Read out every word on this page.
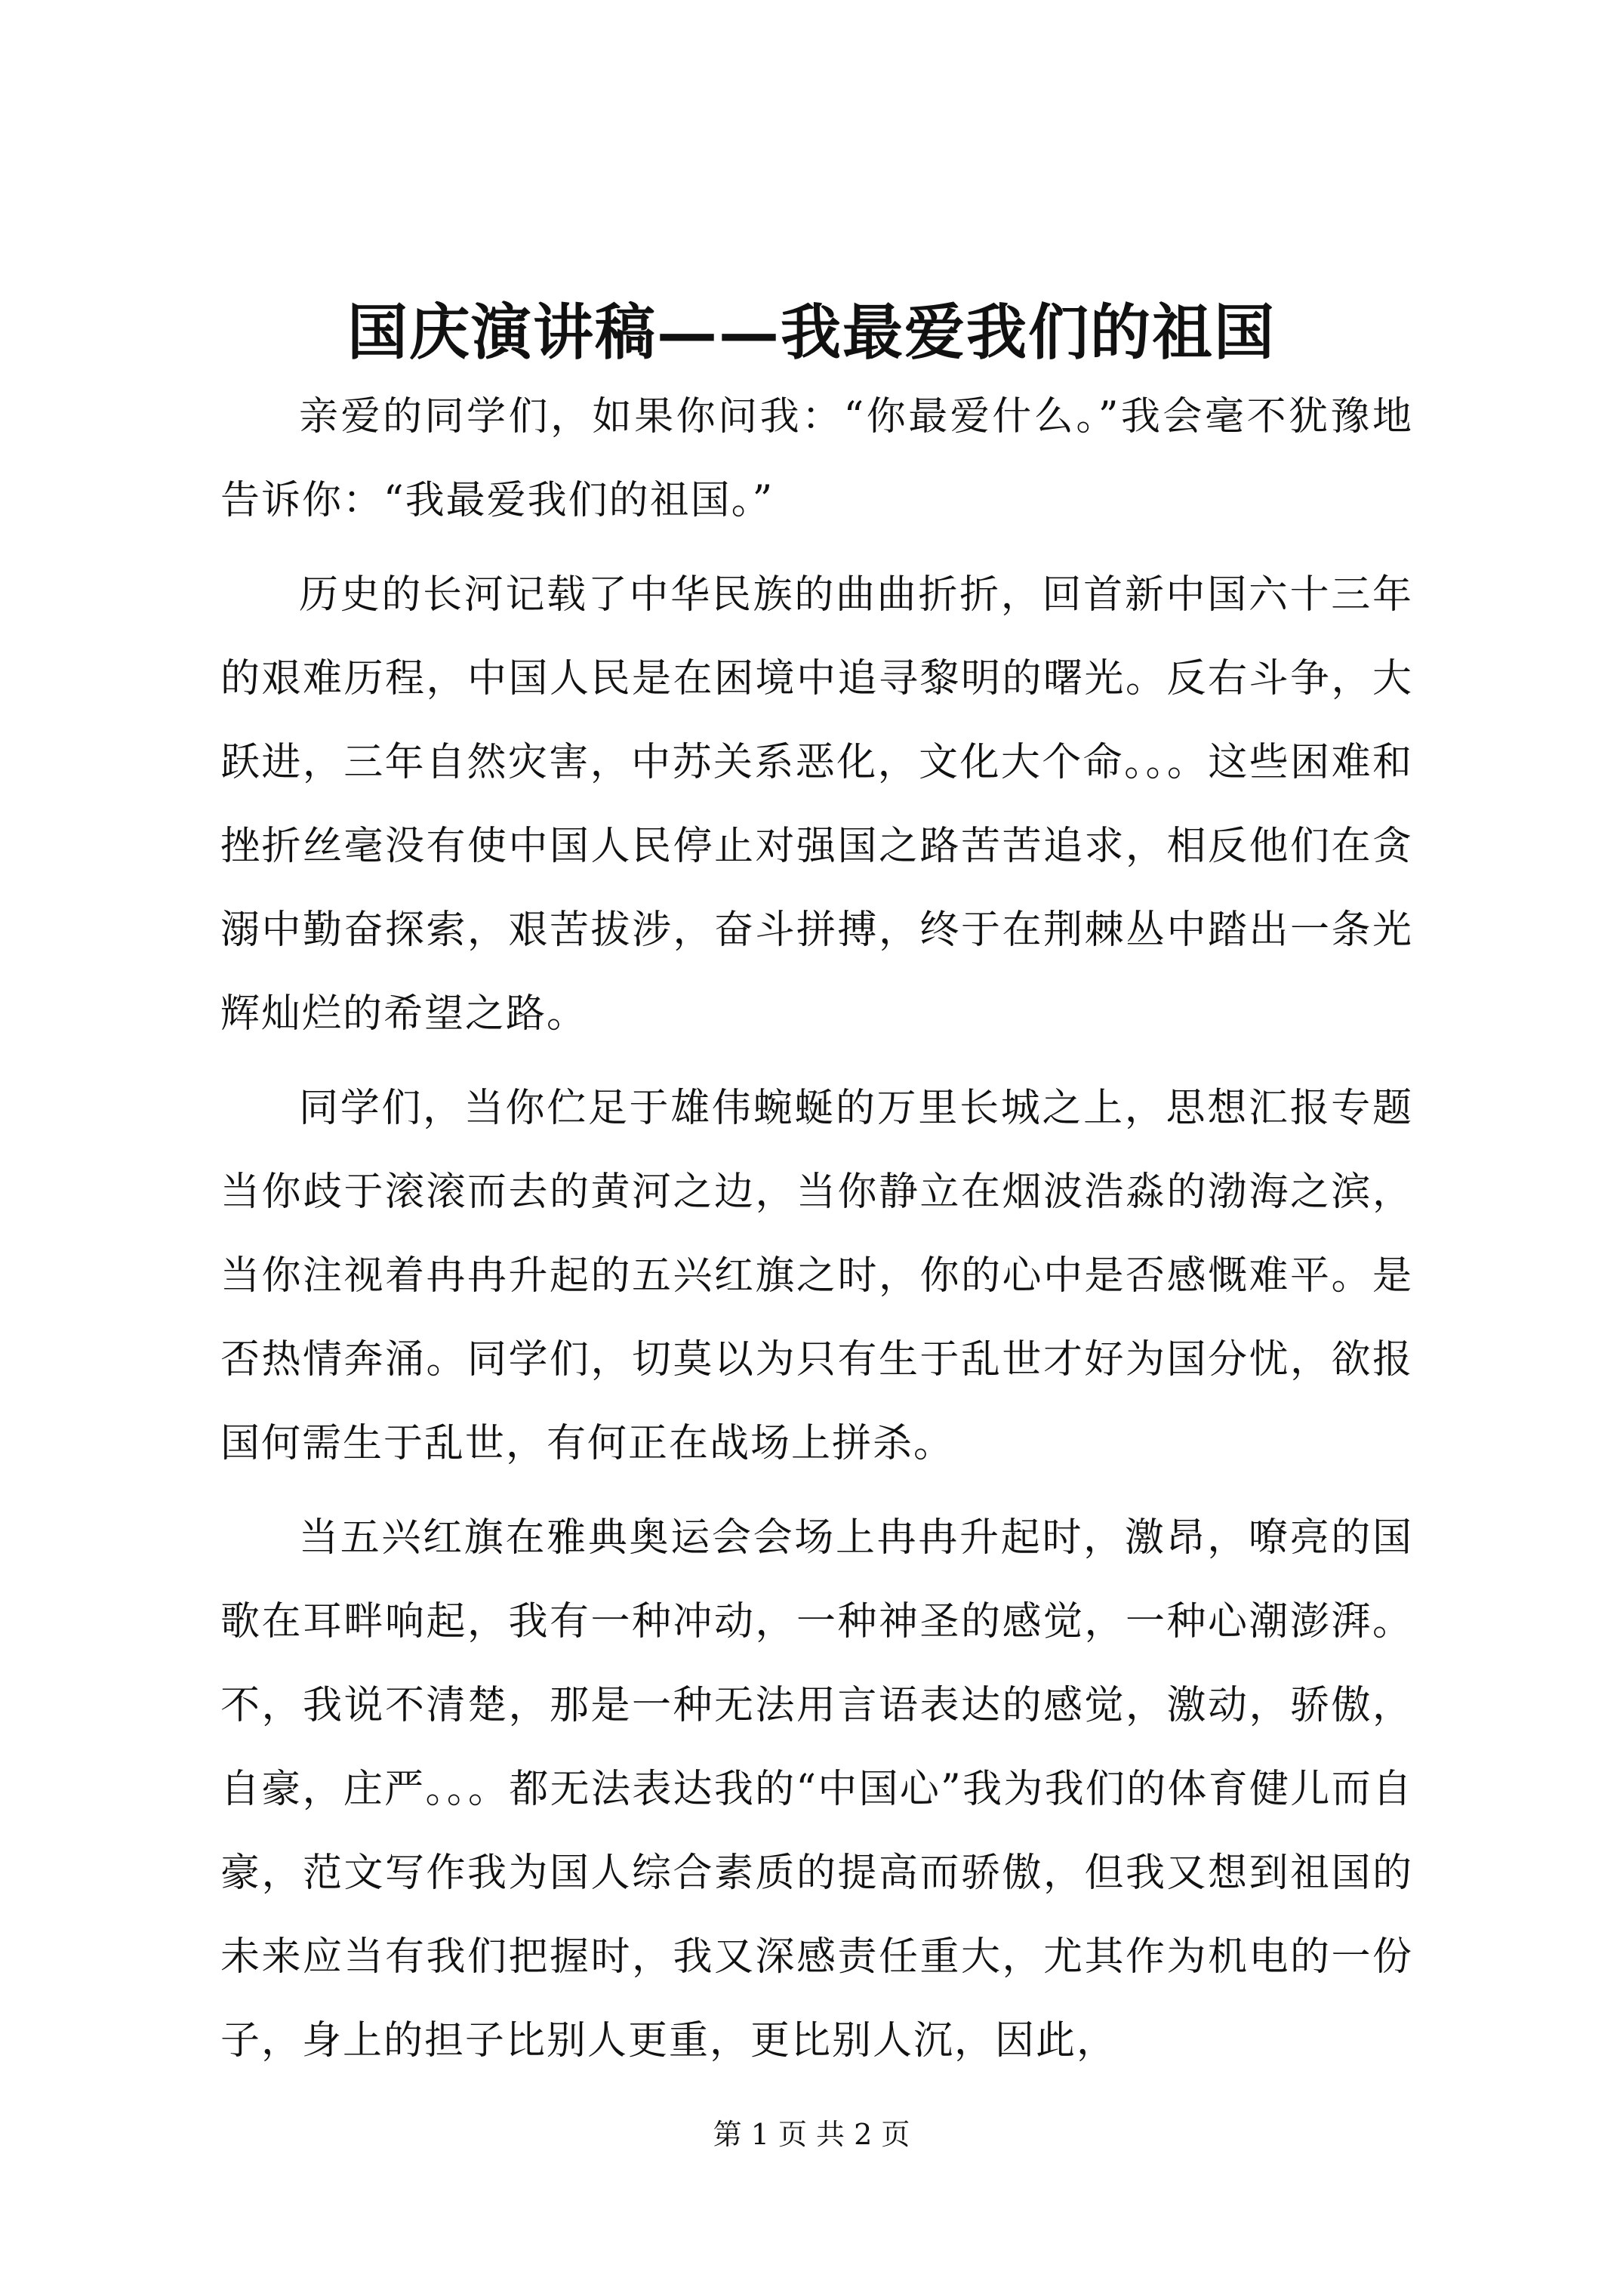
国庆演讲稿——我最爱我们的祖国

亲爱的同学们，如果你问我：“你最爱什么。”我会毫不犹豫地告诉你：“我最爱我们的祖国。”

历史的长河记载了中华民族的曲曲折折，回首新中国六十三年的艰难历程，中国人民是在困境中追寻黎明的曙光。反右斗争，大跃进，三年自然灾害，中苏关系恶化，文化大个命。。。这些困难和挫折丝毫没有使中国人民停止对强国之路苦苦追求，相反他们在贪溺中勤奋探索，艰苦拔涉，奋斗拼搏，终于在荆棘丛中踏出一条光辉灿烂的希望之路。

同学们，当你伫足于雄伟蜿蜒的万里长城之上，思想汇报专题当你歧于滚滚而去的黄河之边，当你静立在烟波浩淼的渤海之滨，当你注视着冉冉升起的五兴红旗之时，你的心中是否感慨难平。是否热情奔涌。同学们，切莫以为只有生于乱世才好为国分忧，欲报国何需生于乱世，有何正在战场上拼杀。

当五兴红旗在雅典奥运会会场上冉冉升起时，激昂，嘹亮的国歌在耳畔响起，我有一种冲动，一种神圣的感觉，一种心潮澎湃。不，我说不清楚，那是一种无法用言语表达的感觉，激动，骄傲，自豪，庄严。。。都无法表达我的“中国心”我为我们的体育健儿而自豪，范文写作我为国人综合素质的提高而骄傲，但我又想到祖国的未来应当有我们把握时，我又深感责任重大，尤其作为机电的一份子，身上的担子比别人更重，更比别人沉，因此，

第 1 页 共 2 页
